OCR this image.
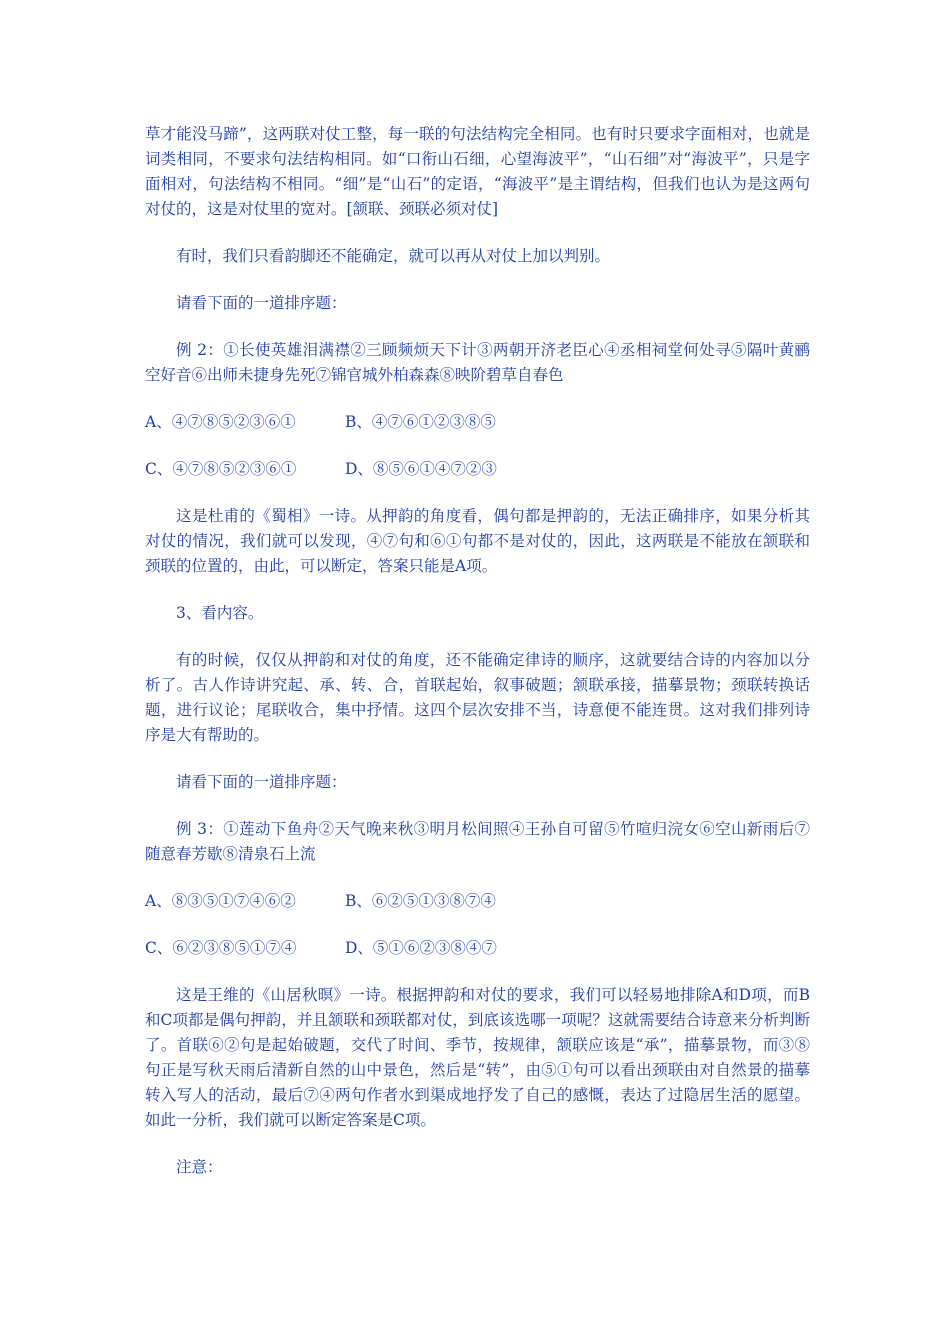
草才能没马蹄”，这两联对仗工整，每一联的句法结构完全相同。也有时只要求字面相对，也就是词类相同，不要求句法结构相同。如“口衔山石细，心望海波平”，“山石细”对“海波平”，只是字面相对，句法结构不相同。“细”是“山石”的定语，“海波平”是主谓结构，但我们也认为是这两句对仗的，这是对仗里的宽对。[颔联、颈联必须对仗]

有时，我们只看韵脚还不能确定，就可以再从对仗上加以判别。

请看下面的一道排序题：

例 2：①长使英雄泪满襟②三顾频烦天下计③两朝开济老臣心④丞相祠堂何处寻⑤隔叶黄鹂空好音⑥出师未捷身先死⑦锦官城外柏森森⑧映阶碧草自春色

A、④⑦⑧⑤②③⑥①	B、④⑦⑥①②③⑧⑤
C、④⑦⑧⑤②③⑥①	D、⑧⑤⑥①④⑦②③

这是杜甫的《蜀相》一诗。从押韵的角度看，偶句都是押韵的，无法正确排序，如果分析其对仗的情况，我们就可以发现，④⑦句和⑥①句都不是对仗的，因此，这两联是不能放在颔联和颈联的位置的，由此，可以断定，答案只能是A项。

3、看内容。

有的时候，仅仅从押韵和对仗的角度，还不能确定律诗的顺序，这就要结合诗的内容加以分析了。古人作诗讲究起、承、转、合，首联起始，叙事破题；颔联承接，描摹景物；颈联转换话题，进行议论；尾联收合，集中抒情。这四个层次安排不当，诗意便不能连贯。这对我们排列诗序是大有帮助的。

请看下面的一道排序题：

例 3：①莲动下鱼舟②天气晚来秋③明月松间照④王孙自可留⑤竹喧归浣女⑥空山新雨后⑦随意春芳歇⑧清泉石上流

A、⑧③⑤①⑦④⑥②	B、⑥②⑤①③⑧⑦④
C、⑥②③⑧⑤①⑦④	D、⑤①⑥②③⑧④⑦

这是王维的《山居秋暝》一诗。根据押韵和对仗的要求，我们可以轻易地排除A和D项，而B和C项都是偶句押韵，并且颔联和颈联都对仗，到底该选哪一项呢？这就需要结合诗意来分析判断了。首联⑥②句是起始破题，交代了时间、季节，按规律，颔联应该是“承”，描摹景物，而③⑧句正是写秋天雨后清新自然的山中景色，然后是“转”，由⑤①句可以看出颈联由对自然景的描摹转入写人的活动，最后⑦④两句作者水到渠成地抒发了自己的感慨，表达了过隐居生活的愿望。如此一分析，我们就可以断定答案是C项。

注意：
